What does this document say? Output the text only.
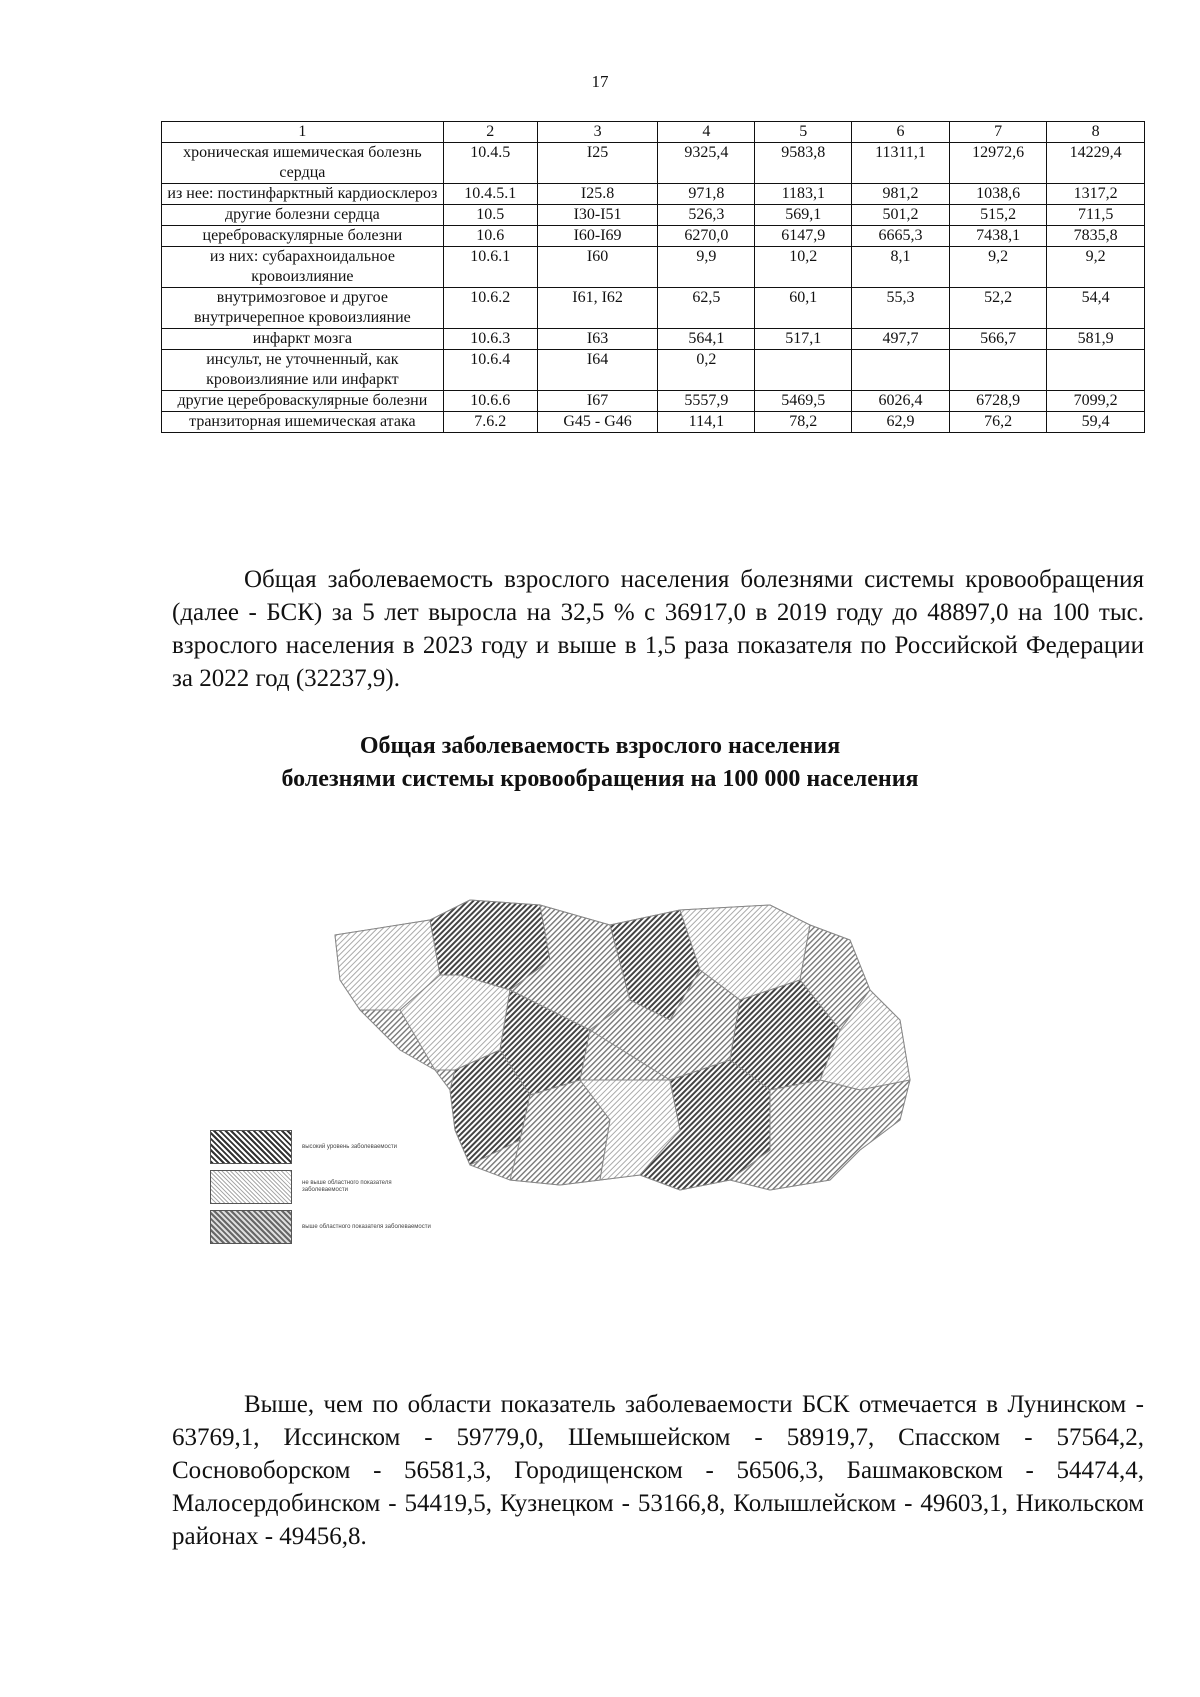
17
1	2	3	4	5	6	7	8
хроническая ишемическая болезнь сердца	10.4.5	I25	9325,4	9583,8	11311,1	12972,6	14229,4
из нее: постинфарктный кардиосклероз	10.4.5.1	I25.8	971,8	1183,1	981,2	1038,6	1317,2
другие болезни сердца	10.5	I30-I51	526,3	569,1	501,2	515,2	711,5
цереброваскулярные болезни	10.6	I60-I69	6270,0	6147,9	6665,3	7438,1	7835,8
из них: субарахноидальное кровоизлияние	10.6.1	I60	9,9	10,2	8,1	9,2	9,2
внутримозговое и другое внутричерепное кровоизлияние	10.6.2	I61, I62	62,5	60,1	55,3	52,2	54,4
инфаркт мозга	10.6.3	I63	564,1	517,1	497,7	566,7	581,9
инсульт, не уточненный, как кровоизлияние или инфаркт	10.6.4	I64	0,2				
другие цереброваскулярные болезни	10.6.6	I67	5557,9	5469,5	6026,4	6728,9	7099,2
транзиторная ишемическая атака	7.6.2	G45 - G46	114,1	78,2	62,9	76,2	59,4

Общая заболеваемость взрослого населения болезнями системы кровообращения (далее - БСК) за 5 лет выросла на 32,5 % с 36917,0 в 2019 году до 48897,0 на 100 тыс. взрослого населения в 2023 году и выше в 1,5 раза показателя по Российской Федерации за 2022 год (32237,9).

Общая заболеваемость взрослого населения
болезнями системы кровообращения на 100 000 населения
высокий уровень заболеваемости
не выше областного показателя заболеваемости
выше областного показателя заболеваемости

Выше, чем по области показатель заболеваемости БСК отмечается в Лунинском - 63769,1, Иссинском - 59779,0, Шемышейском - 58919,7, Спасском - 57564,2, Сосновоборском - 56581,3, Городищенском - 56506,3, Башмаковском - 54474,4, Малосердобинском - 54419,5, Кузнецком - 53166,8, Колышлейском - 49603,1, Никольском районах - 49456,8.
